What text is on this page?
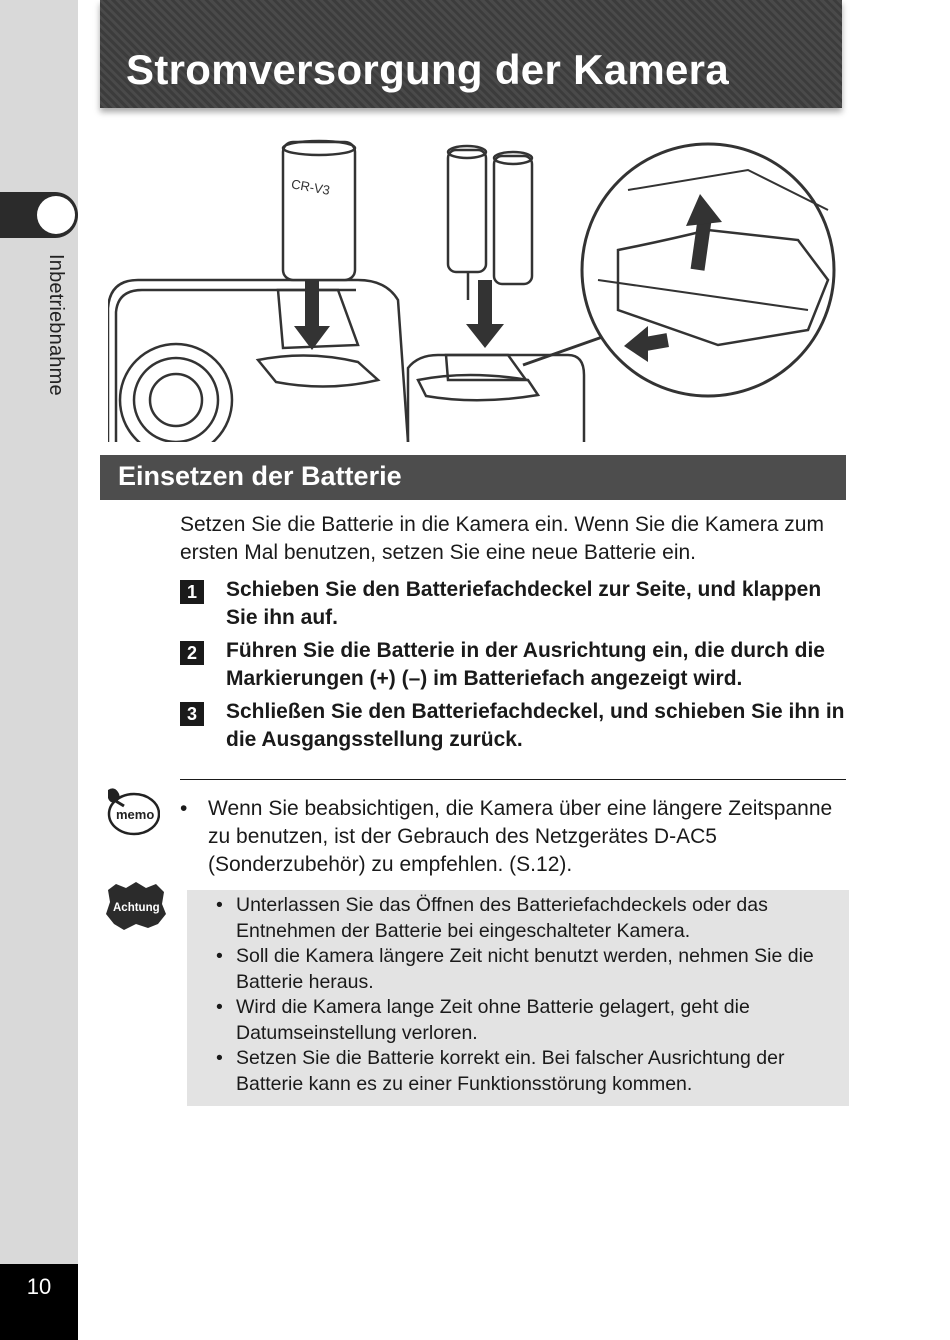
Inbetriebnahme
10
Stromversorgung der Kamera
CR-V3
Einsetzen der Batterie
Setzen Sie die Batterie in die Kamera ein. Wenn Sie die Kamera zum ersten Mal benutzen, setzen Sie eine neue Batterie ein.
1	Schieben Sie den Batteriefachdeckel zur Seite, und klappen Sie ihn auf.
2	Führen Sie die Batterie in der Ausrichtung ein, die durch die Markierungen (+) (–) im Batteriefach angezeigt wird.
3	Schließen Sie den Batteriefachdeckel, und schieben Sie ihn in die Ausgangsstellung zurück.
memo • Wenn Sie beabsichtigen, die Kamera über eine längere Zeitspanne zu benutzen, ist der Gebrauch des Netzgerätes D-AC5 (Sonderzubehör) zu empfehlen. (S.12).
Achtung	• Unterlassen Sie das Öffnen des Batteriefachdeckels oder das Entnehmen der Batterie bei eingeschalteter Kamera.
• Soll die Kamera längere Zeit nicht benutzt werden, nehmen Sie die Batterie heraus.
• Wird die Kamera lange Zeit ohne Batterie gelagert, geht die Datumseinstellung verloren.
• Setzen Sie die Batterie korrekt ein. Bei falscher Ausrichtung der Batterie kann es zu einer Funktionsstörung kommen.
